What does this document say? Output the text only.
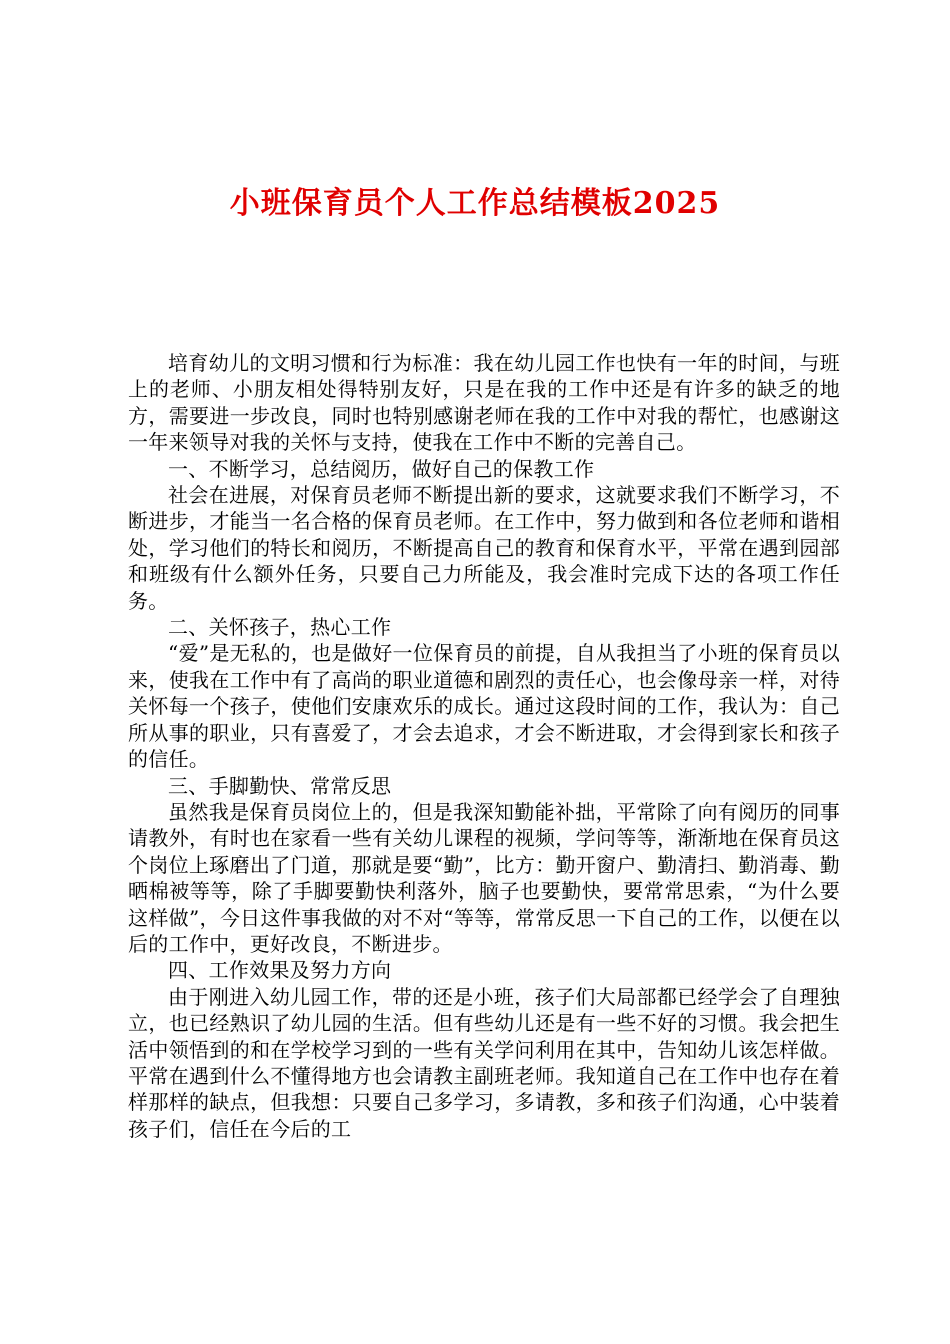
小班保育员个人工作总结模板2025

培育幼儿的文明习惯和行为标准：我在幼儿园工作也快有一年的时间，与班上的老师、小朋友相处得特别友好，只是在我的工作中还是有许多的缺乏的地方，需要进一步改良，同时也特别感谢老师在我的工作中对我的帮忙，也感谢这一年来领导对我的关怀与支持，使我在工作中不断的完善自己。

一、不断学习，总结阅历，做好自己的保教工作

社会在进展，对保育员老师不断提出新的要求，这就要求我们不断学习，不断进步，才能当一名合格的保育员老师。在工作中，努力做到和各位老师和谐相处，学习他们的特长和阅历，不断提高自己的教育和保育水平，平常在遇到园部和班级有什么额外任务，只要自己力所能及，我会准时完成下达的各项工作任务。

二、关怀孩子，热心工作

“爱”是无私的，也是做好一位保育员的前提，自从我担当了小班的保育员以来，使我在工作中有了高尚的职业道德和剧烈的责任心，也会像母亲一样，对待关怀每一个孩子，使他们安康欢乐的成长。通过这段时间的工作，我认为：自己所从事的职业，只有喜爱了，才会去追求，才会不断进取，才会得到家长和孩子的信任。

三、手脚勤快、常常反思

虽然我是保育员岗位上的，但是我深知勤能补拙，平常除了向有阅历的同事请教外，有时也在家看一些有关幼儿课程的视频，学问等等，渐渐地在保育员这个岗位上琢磨出了门道，那就是要“勤”，比方：勤开窗户、勤清扫、勤消毒、勤晒棉被等等，除了手脚要勤快利落外，脑子也要勤快，要常常思索，“为什么要这样做”，今日这件事我做的对不对“等等，常常反思一下自己的工作，以便在以后的工作中，更好改良，不断进步。

四、工作效果及努力方向

由于刚进入幼儿园工作，带的还是小班，孩子们大局部都已经学会了自理独立，也已经熟识了幼儿园的生活。但有些幼儿还是有一些不好的习惯。我会把生活中领悟到的和在学校学习到的一些有关学问利用在其中，告知幼儿该怎样做。平常在遇到什么不懂得地方也会请教主副班老师。我知道自己在工作中也存在着样那样的缺点，但我想：只要自己多学习，多请教，多和孩子们沟通，心中装着孩子们，信任在今后的工
